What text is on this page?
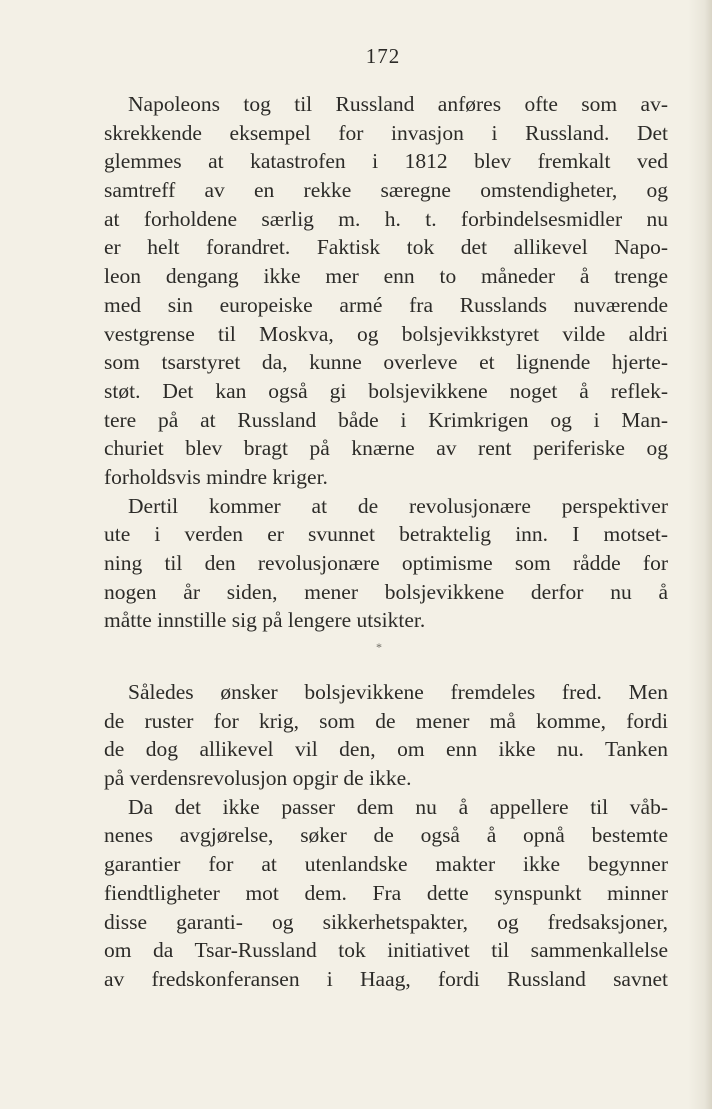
172
Napoleons tog til Russland anføres ofte som av-
skrekkende eksempel for invasjon i Russland. Det
glemmes at katastrofen i 1812 blev fremkalt ved
samtreff av en rekke særegne omstendigheter, og
at forholdene særlig m. h. t. forbindelsesmidler nu
er helt forandret. Faktisk tok det allikevel Napo-
leon dengang ikke mer enn to måneder å trenge
med sin europeiske armé fra Russlands nuværende
vestgrense til Moskva, og bolsjevikkstyret vilde aldri
som tsarstyret da, kunne overleve et lignende hjerte-
støt. Det kan også gi bolsjevikkene noget å reflek-
tere på at Russland både i Krimkrigen og i Man-
churiet blev bragt på knærne av rent periferiske og
forholdsvis mindre kriger.
Dertil kommer at de revolusjonære perspektiver
ute i verden er svunnet betraktelig inn. I motset-
ning til den revolusjonære optimisme som rådde for
nogen år siden, mener bolsjevikkene derfor nu å
måtte innstille sig på lengere utsikter.
*
Således ønsker bolsjevikkene fremdeles fred. Men
de ruster for krig, som de mener må komme, fordi
de dog allikevel vil den, om enn ikke nu. Tanken
på verdensrevolusjon opgir de ikke.
Da det ikke passer dem nu å appellere til våb-
nenes avgjørelse, søker de også å opnå bestemte
garantier for at utenlandske makter ikke begynner
fiendtligheter mot dem. Fra dette synspunkt minner
disse garanti- og sikkerhetspakter, og fredsaksjoner,
om da Tsar-Russland tok initiativet til sammenkallelse
av fredskonferansen i Haag, fordi Russland savnet
